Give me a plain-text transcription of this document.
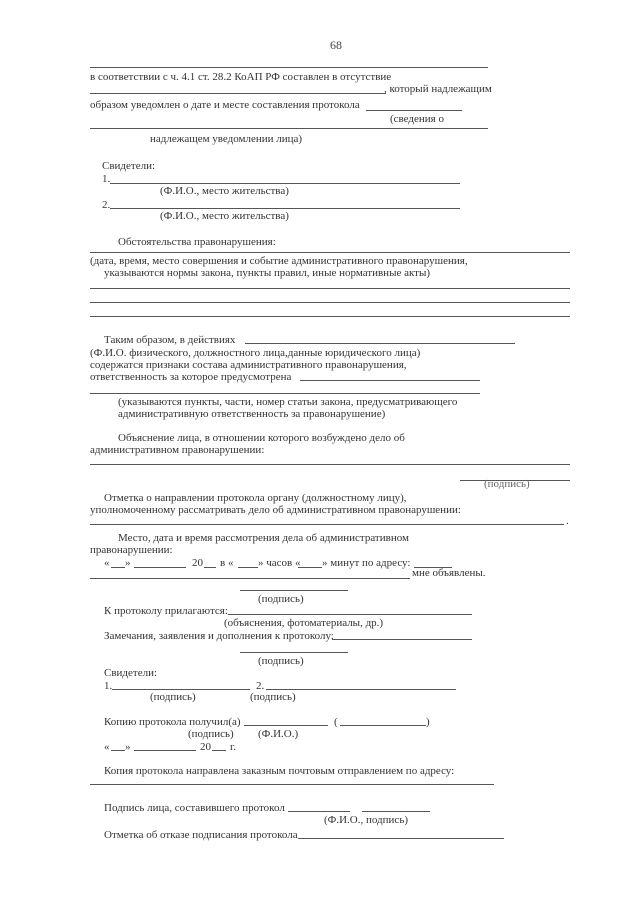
68
в соответствии с ч. 4.1 ст. 28.2 КоАП РФ составлен в отсутствие
, который надлежащим
образом уведомлен о дате и месте составления протокола
(сведения о
надлежащем уведомлении лица)
Свидетели:
1.
(Ф.И.О., место жительства)
2.
(Ф.И.О., место жительства)
Обстоятельства правонарушения:
(дата, время, место совершения и событие административного правонарушения,
указываются нормы закона, пункты правил, иные нормативные акты)
Таким образом, в действиях
(Ф.И.О. физического, должностного лица,данные юридического лица)
содержатся признаки состава административного правонарушения,
ответственность за которое предусмотрена
(указываются пункты, части, номер статьи закона, предусматривающего
административную ответственность за правонарушение)
Объяснение лица, в отношении которого возбуждено дело об
административном правонарушении:
(подпись)
Отметка о направлении протокола органу (должностному лицу),
уполномоченному рассматривать дело об административном правонарушении:
.
Место, дата и время рассмотрения дела об административном
правонарушении:
« »	20 в « » часов « » минут по адресу:
мне объявлены.
(подпись)
К протоколу прилагаются:
(объяснения, фотоматериалы, др.)
Замечания, заявления и дополнения к протоколу:
(подпись)
Свидетели:
1.	2.
(подпись)	(подпись)
Копию протокола получил(а)	(	)
(подпись) (Ф.И.О.)
« »	20 г.
Копия протокола направлена заказным почтовым отправлением по адресу:
Подпись лица, составившего протокол
(Ф.И.О., подпись)
Отметка об отказе подписания протокола
